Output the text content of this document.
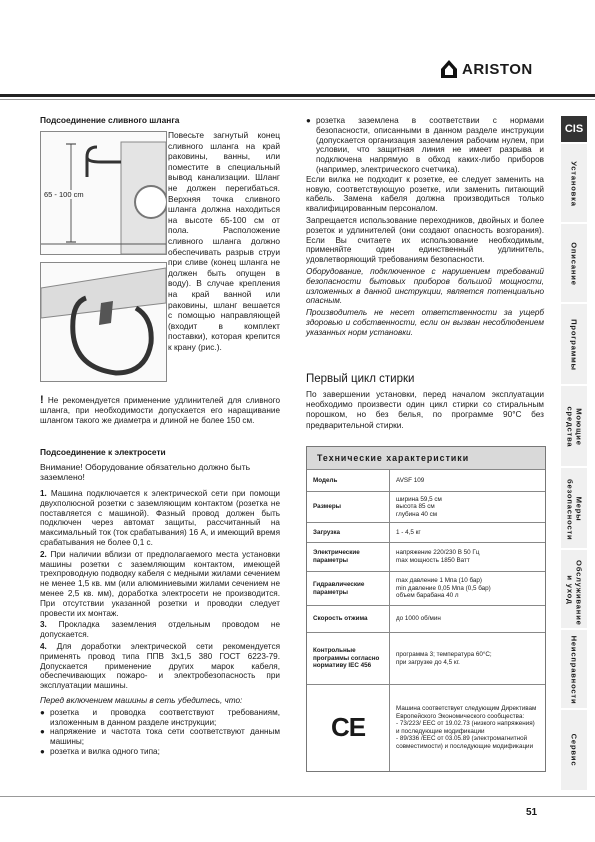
ARISTON
Подсоединение сливного шланга
65 - 100 cm
Повесьте загнутый конец сливного шланга на край раковины, ванны, или поместите в специальный вывод канализации. Шланг не должен перегибаться. Верхняя точка сливного шланга должна находиться на высоте 65-100 см от пола. Расположение сливного шланга должно обеспечивать разрыв струи при сливе (конец шланга не должен быть опущен в воду). В случае крепления на край ванной или раковины, шланг вешается с помощью направляющей (входит в комплект поставки), которая крепится к крану (рис.).
! Не рекомендуется применение удлинителей для сливного шланга, при необходимости допускается его наращивание шлангом такого же диаметра и длиной не более 150 см.
Подсоединение к электросети
Внимание! Оборудование обязательно должно быть заземлено!

1. Машина подключается к электрической сети при помощи двухполюсной розетки с заземляющим контактом (розетка не поставляется с машиной). Фазный провод должен быть подключен через автомат защиты, рассчитанный на максимальный ток (ток срабатывания) 16 А, и имеющий время срабатывания не более 0,1 с.

2. При наличии вблизи от предполагаемого места установки машины розетки с заземляющим контактом, имеющей трехпроводную подводку кабеля с медными жилами сечением не менее 1,5 кв. мм (или алюминиевыми жилами сечением не менее 2,5 кв. мм), доработка электросети не производится. При отсутствии указанной розетки и проводки следует провести их монтаж.

3. Прокладка заземления отдельным проводом не допускается.

4. Для доработки электрической сети рекомендуется применять провод типа ППВ 3х1,5 380 ГОСТ 6223-79. Допускается применение других марок кабеля, обеспечивающих пожаро- и электробезопасность при эксплуатации машины.

Перед включением машины в сеть убедитесь, что:

● розетка и проводка соответствуют требованиям, изложенным в данном разделе инструкции;
● напряжение и частота тока сети соответствуют данным машины;
● розетка и вилка одного типа;
● розетка заземлена в соответствии с нормами безопасности, описанными в данном разделе инструкции (допускается организация заземления рабочим нулем, при условии, что защитная линия не имеет разрыва и подключена напрямую в обход каких-либо приборов (например, электрического счетчика).

Если вилка не подходит к розетке, ее следует заменить на новую, соответствующую розетке, или заменить питающий кабель. Замена кабеля должна производиться только квалифицированным персоналом.

Запрещается использование переходников, двойных и более розеток и удлинителей (они создают опасность возгорания). Если Вы считаете их использование необходимым, применяйте один единственный удлинитель, удовлетворяющий требованиям безопасности.

Оборудование, подключенное с нарушением требований безопасности бытовых приборов большой мощности, изложенных в данной инструкции, является потенциально опасным.

Производитель не несет ответственности за ущерб здоровью и собственности, если он вызван несоблюдением указанных норм установки.

Первый цикл стирки
По завершении установки, перед началом эксплуатации необходимо произвести один цикл стирки со стиральным порошком, но без белья, по программе 90°C без предварительной стирки.
Технические характеристики
Модель	AVSF 109
Размеры	ширина 59,5 см
высота 85 см
глубина 40 см
Загрузка	1 - 4,5 кг
Электрические параметры	напряжение 220/230 В 50 Гц
max мощность 1850 Ватт
Гидравлические параметры	max давление 1 Мпа (10 бар)
min давление 0,05 Мпа (0,5 бар)
объем барабана 40 л
Скорость отжима	до 1000 об/мин
Контрольные программы согласно нормативу IEC 456	программа 3; температура 60°С;
при загрузке до 4,5 кг.
CE	Машина соответствует следующим Директивам Европейского Экономического сообщества:
- 73/223/ EEC от 19.02.73 (низкого напряжения) и последующие модификации
- 89/336 /EEC от 03.05.89 (электромагнитной совместимости) и последующие модификации
CIS
Установка
Описание
Программы
Моющие средства
Меры безопасности
Обслуживание и уход
Неисправности
Сервис
51
